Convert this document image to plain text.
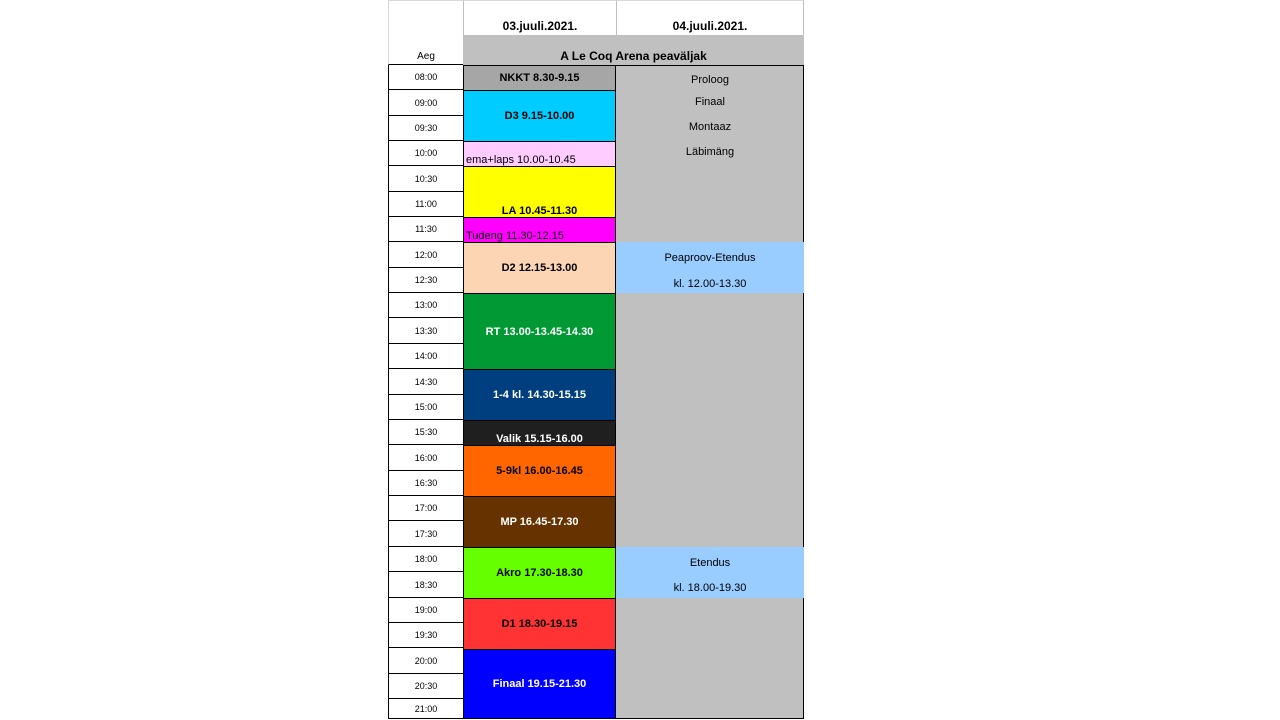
03.juuli.2021.	04.juuli.2021.
Aeg	A Le Coq Arena peaväljak
08:00
09:00
09:30
10:00
10:30
11:00
11:30
12:00
12:30
13:00
13:30
14:00
14:30
15:00
15:30
16:00
16:30
17:00
17:30
18:00
18:30
19:00
19:30
20:00
20:30
21:00
NKKT 8.30-9.15
D3 9.15-10.00
ema+laps 10.00-10.45
LA 10.45-11.30
Tudeng 11.30-12.15
D2 12.15-13.00
RT 13.00-13.45-14.30
1-4 kl. 14.30-15.15
Valik 15.15-16.00
5-9kl 16.00-16.45
MP 16.45-17.30
Akro 17.30-18.30
D1 18.30-19.15
Finaal 19.15-21.30
Proloog
Finaal
Montaaz
Läbimäng
Peaproov-Etendus
kl. 12.00-13.30
Etendus
kl. 18.00-19.30
